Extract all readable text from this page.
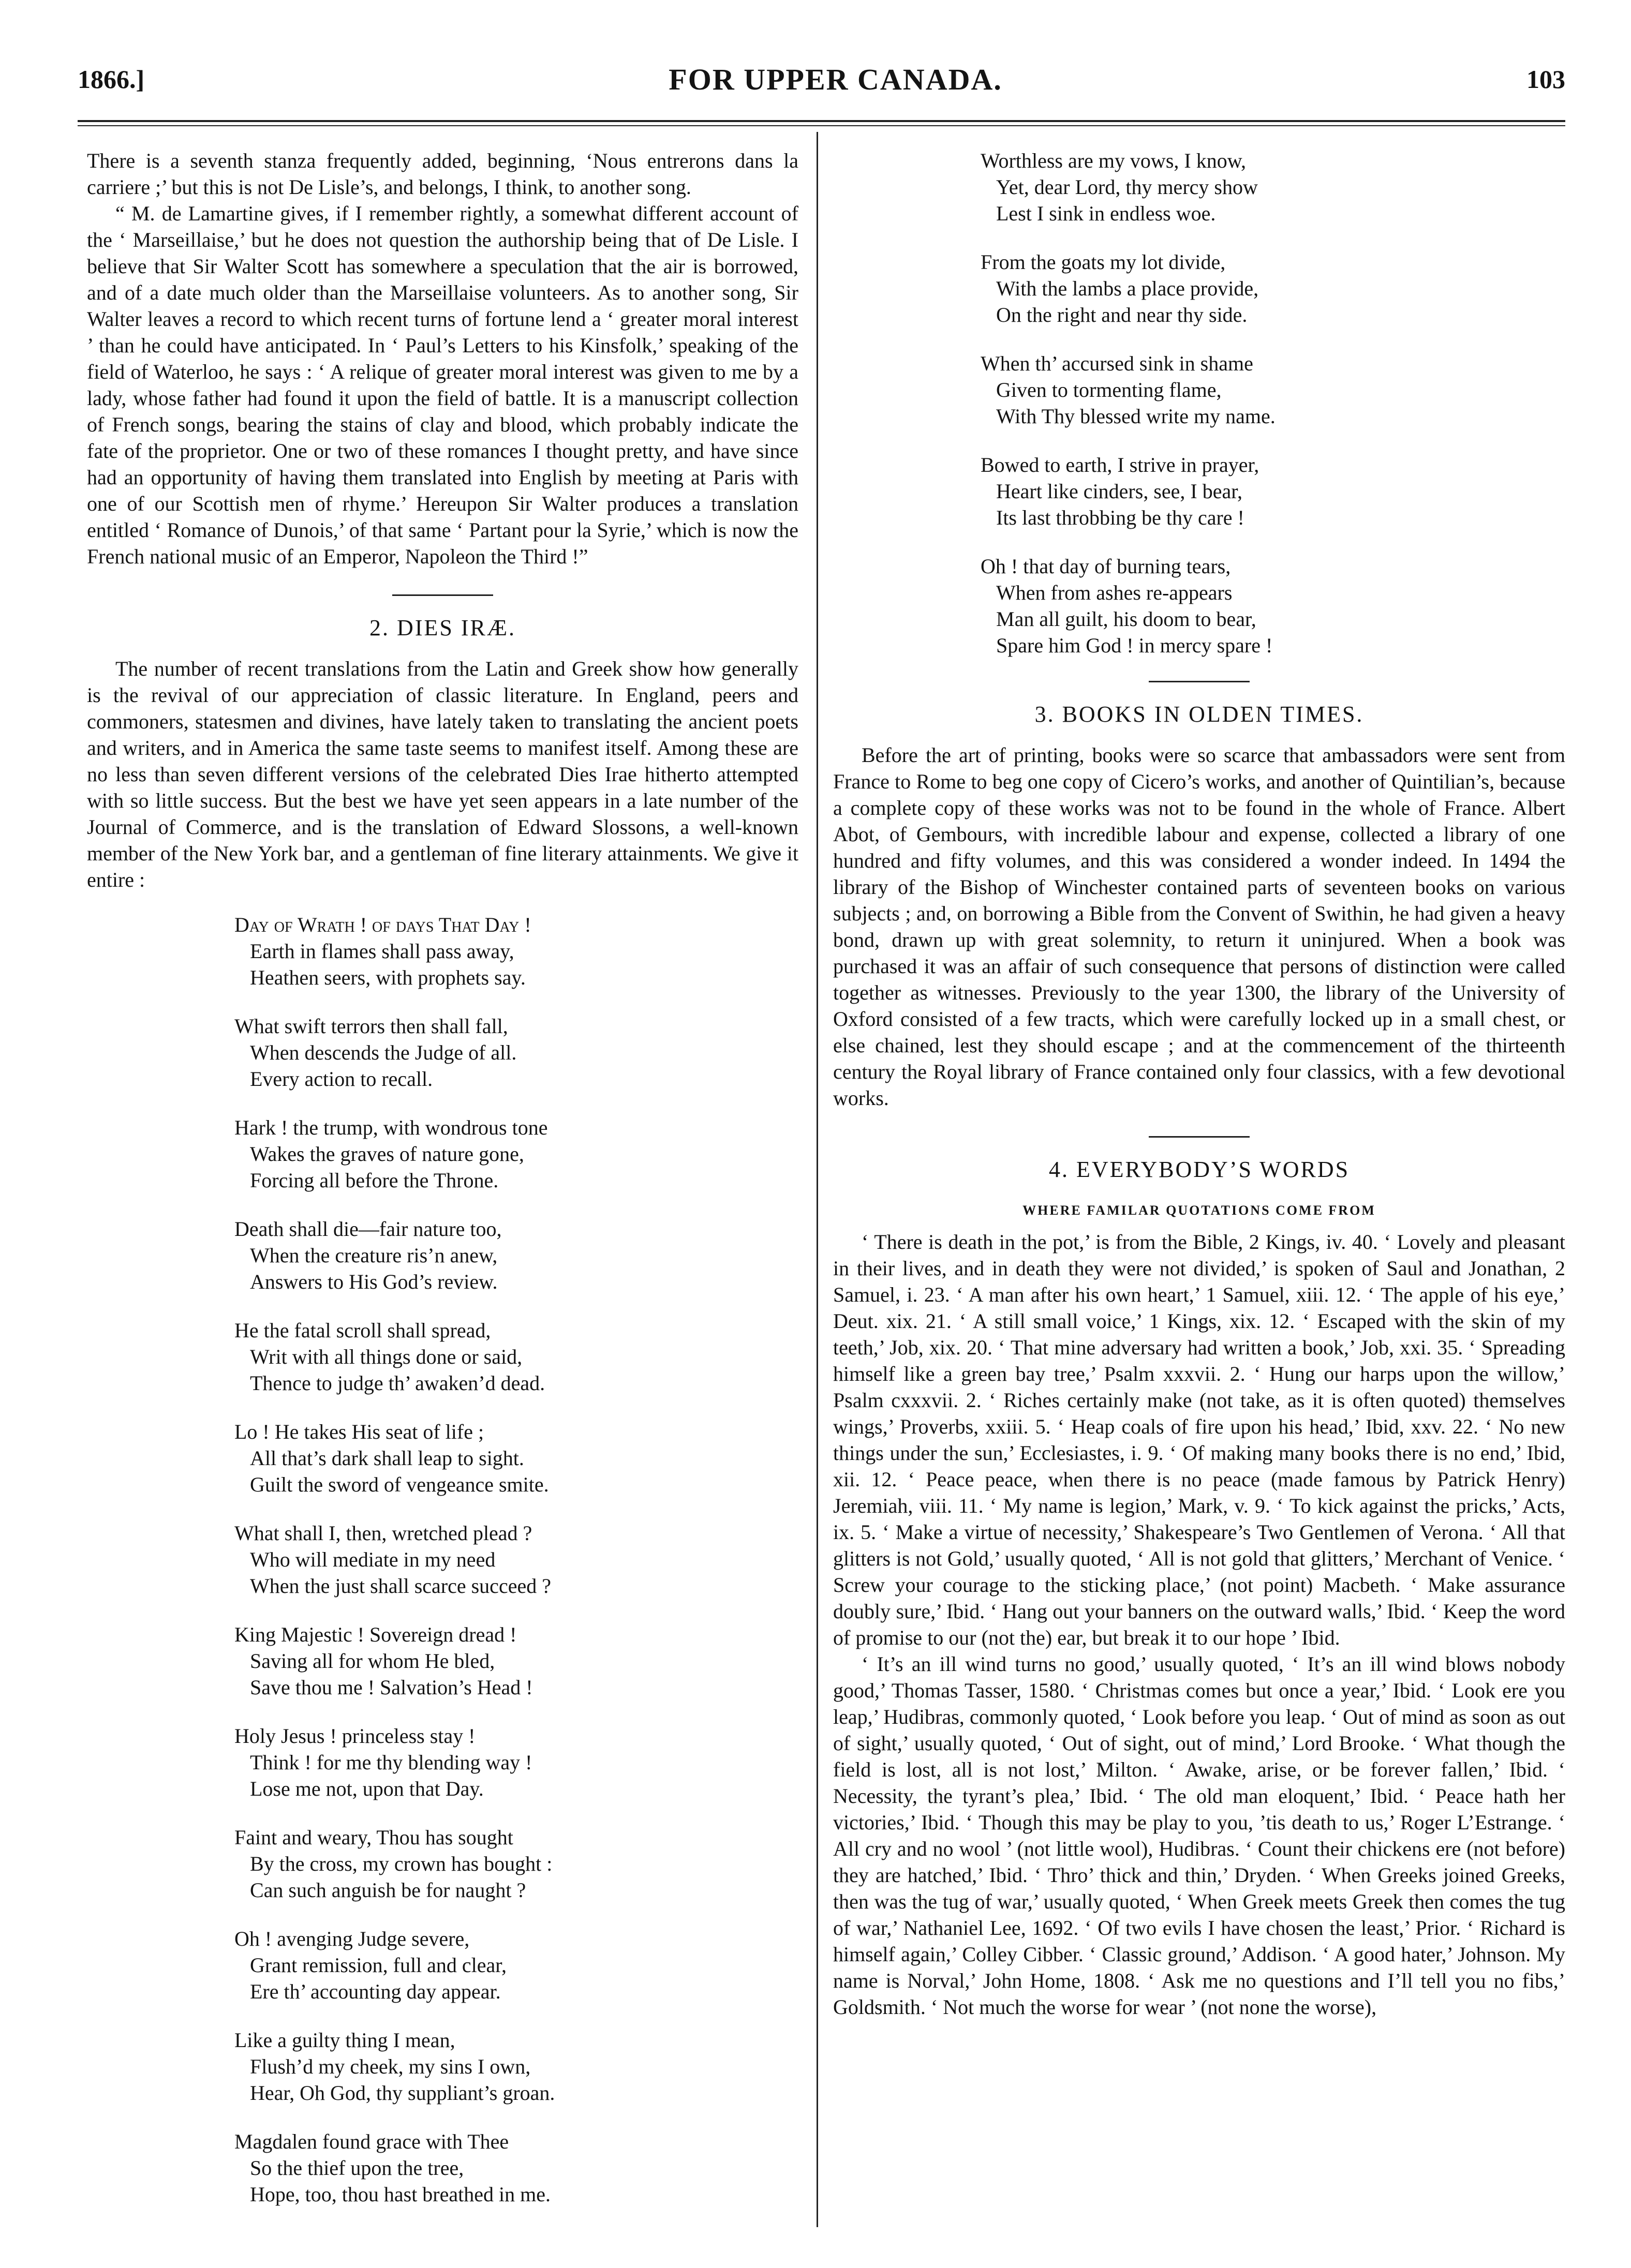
1866.]	FOR UPPER CANADA.	103

There is a seventh stanza frequently added, beginning, ‘Nous entrerons dans la carriere ;’ but this is not De Lisle’s, and belongs, I think, to another song.

“ M. de Lamartine gives, if I remember rightly, a somewhat different account of the ‘ Marseillaise,’ but he does not question the authorship being that of De Lisle. I believe that Sir Walter Scott has somewhere a speculation that the air is borrowed, and of a date much older than the Marseillaise volunteers. As to another song, Sir Walter leaves a record to which recent turns of fortune lend a ‘ greater moral interest ’ than he could have anticipated. In ‘ Paul’s Letters to his Kinsfolk,’ speaking of the field of Waterloo, he says : ‘ A relique of greater moral interest was given to me by a lady, whose father had found it upon the field of battle. It is a manuscript collection of French songs, bearing the stains of clay and blood, which probably indicate the fate of the proprietor. One or two of these romances I thought pretty, and have since had an opportunity of having them translated into English by meeting at Paris with one of our Scottish men of rhyme.’ Hereupon Sir Walter produces a translation entitled ‘ Romance of Dunois,’ of that same ‘ Partant pour la Syrie,’ which is now the French national music of an Emperor, Napoleon the Third !”

2. DIES IRÆ.

The number of recent translations from the Latin and Greek show how generally is the revival of our appreciation of classic literature. In England, peers and commoners, statesmen and divines, have lately taken to translating the ancient poets and writers, and in America the same taste seems to manifest itself. Among these are no less than seven different versions of the celebrated Dies Irae hitherto attempted with so little success. But the best we have yet seen appears in a late number of the Journal of Commerce, and is the translation of Edward Slossons, a well-known member of the New York bar, and a gentleman of fine literary attainments. We give it entire :

Day of Wrath ! of days That Day !
Earth in flames shall pass away,
Heathen seers, with prophets say.
What swift terrors then shall fall,
When descends the Judge of all.
Every action to recall.
Hark ! the trump, with wondrous tone
Wakes the graves of nature gone,
Forcing all before the Throne.
Death shall die—fair nature too,
When the creature ris’n anew,
Answers to His God’s review.
He the fatal scroll shall spread,
Writ with all things done or said,
Thence to judge th’ awaken’d dead.
Lo ! He takes His seat of life ;
All that’s dark shall leap to sight.
Guilt the sword of vengeance smite.
What shall I, then, wretched plead ?
Who will mediate in my need
When the just shall scarce succeed ?
King Majestic ! Sovereign dread !
Saving all for whom He bled,
Save thou me ! Salvation’s Head !
Holy Jesus ! princeless stay !
Think ! for me thy blending way !
Lose me not, upon that Day.
Faint and weary, Thou has sought
By the cross, my crown has bought :
Can such anguish be for naught ?
Oh ! avenging Judge severe,
Grant remission, full and clear,
Ere th’ accounting day appear.
Like a guilty thing I mean,
Flush’d my cheek, my sins I own,
Hear, Oh God, thy suppliant’s groan.
Magdalen found grace with Thee
So the thief upon the tree,
Hope, too, thou hast breathed in me.
Worthless are my vows, I know,
Yet, dear Lord, thy mercy show
Lest I sink in endless woe.
From the goats my lot divide,
With the lambs a place provide,
On the right and near thy side.
When th’ accursed sink in shame
Given to tormenting flame,
With Thy blessed write my name.
Bowed to earth, I strive in prayer,
Heart like cinders, see, I bear,
Its last throbbing be thy care !
Oh ! that day of burning tears,
When from ashes re-appears
Man all guilt, his doom to bear,
Spare him God ! in mercy spare !
3. BOOKS IN OLDEN TIMES.

Before the art of printing, books were so scarce that ambassadors were sent from France to Rome to beg one copy of Cicero’s works, and another of Quintilian’s, because a complete copy of these works was not to be found in the whole of France. Albert Abot, of Gembours, with incredible labour and expense, collected a library of one hundred and fifty volumes, and this was considered a wonder indeed. In 1494 the library of the Bishop of Winchester contained parts of seventeen books on various subjects ; and, on borrowing a Bible from the Convent of Swithin, he had given a heavy bond, drawn up with great solemnity, to return it uninjured. When a book was purchased it was an affair of such consequence that persons of distinction were called together as witnesses. Previously to the year 1300, the library of the University of Oxford consisted of a few tracts, which were carefully locked up in a small chest, or else chained, lest they should escape ; and at the commencement of the thirteenth century the Royal library of France contained only four classics, with a few devotional works.

4. EVERYBODY’S WORDS
WHERE FAMILAR QUOTATIONS COME FROM

‘ There is death in the pot,’ is from the Bible, 2 Kings, iv. 40. ‘ Lovely and pleasant in their lives, and in death they were not divided,’ is spoken of Saul and Jonathan, 2 Samuel, i. 23. ‘ A man after his own heart,’ 1 Samuel, xiii. 12. ‘ The apple of his eye,’ Deut. xix. 21. ‘ A still small voice,’ 1 Kings, xix. 12. ‘ Escaped with the skin of my teeth,’ Job, xix. 20. ‘ That mine adversary had written a book,’ Job, xxi. 35. ‘ Spreading himself like a green bay tree,’ Psalm xxxvii. 2. ‘ Hung our harps upon the willow,’ Psalm cxxxvii. 2. ‘ Riches certainly make (not take, as it is often quoted) themselves wings,’ Proverbs, xxiii. 5. ‘ Heap coals of fire upon his head,’ Ibid, xxv. 22. ‘ No new things under the sun,’ Ecclesiastes, i. 9. ‘ Of making many books there is no end,’ Ibid, xii. 12. ‘ Peace peace, when there is no peace (made famous by Patrick Henry) Jeremiah, viii. 11. ‘ My name is legion,’ Mark, v. 9. ‘ To kick against the pricks,’ Acts, ix. 5. ‘ Make a virtue of necessity,’ Shakespeare’s Two Gentlemen of Verona. ‘ All that glitters is not Gold,’ usually quoted, ‘ All is not gold that glitters,’ Merchant of Venice. ‘ Screw your courage to the sticking place,’ (not point) Macbeth. ‘ Make assurance doubly sure,’ Ibid. ‘ Hang out your banners on the outward walls,’ Ibid. ‘ Keep the word of promise to our (not the) ear, but break it to our hope ’ Ibid.

‘ It’s an ill wind turns no good,’ usually quoted, ‘ It’s an ill wind blows nobody good,’ Thomas Tasser, 1580. ‘ Christmas comes but once a year,’ Ibid. ‘ Look ere you leap,’ Hudibras, commonly quoted, ‘ Look before you leap. ‘ Out of mind as soon as out of sight,’ usually quoted, ‘ Out of sight, out of mind,’ Lord Brooke. ‘ What though the field is lost, all is not lost,’ Milton. ‘ Awake, arise, or be forever fallen,’ Ibid. ‘ Necessity, the tyrant’s plea,’ Ibid. ‘ The old man eloquent,’ Ibid. ‘ Peace hath her victories,’ Ibid. ‘ Though this may be play to you, ’tis death to us,’ Roger L’Estrange. ‘ All cry and no wool ’ (not little wool), Hudibras. ‘ Count their chickens ere (not before) they are hatched,’ Ibid. ‘ Thro’ thick and thin,’ Dryden. ‘ When Greeks joined Greeks, then was the tug of war,’ usually quoted, ‘ When Greek meets Greek then comes the tug of war,’ Nathaniel Lee, 1692. ‘ Of two evils I have chosen the least,’ Prior. ‘ Richard is himself again,’ Colley Cibber. ‘ Classic ground,’ Addison. ‘ A good hater,’ Johnson. My name is Norval,’ John Home, 1808. ‘ Ask me no questions and I’ll tell you no fibs,’ Goldsmith. ‘ Not much the worse for wear ’ (not none the worse),
